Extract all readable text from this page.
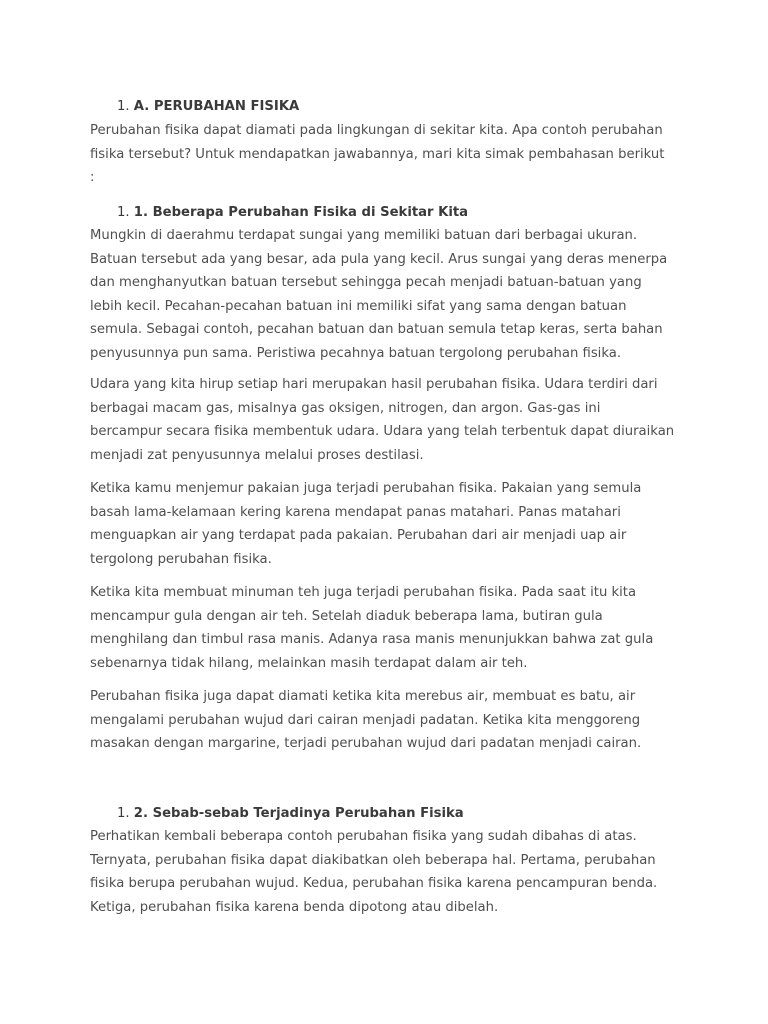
1. A. PERUBAHAN FISIKA
Perubahan fisika dapat diamati pada lingkungan di sekitar kita. Apa contoh perubahan
fisika tersebut? Untuk mendapatkan jawabannya, mari kita simak pembahasan berikut
:
1. 1. Beberapa Perubahan Fisika di Sekitar Kita
Mungkin di daerahmu terdapat sungai yang memiliki batuan dari berbagai ukuran.
Batuan tersebut ada yang besar, ada pula yang kecil. Arus sungai yang deras menerpa
dan menghanyutkan batuan tersebut sehingga pecah menjadi batuan-batuan yang
lebih kecil. Pecahan-pecahan batuan ini memiliki sifat yang sama dengan batuan
semula. Sebagai contoh, pecahan batuan dan batuan semula tetap keras, serta bahan
penyusunnya pun sama. Peristiwa pecahnya batuan tergolong perubahan fisika.
Udara yang kita hirup setiap hari merupakan hasil perubahan fisika. Udara terdiri dari
berbagai macam gas, misalnya gas oksigen, nitrogen, dan argon. Gas-gas ini
bercampur secara fisika membentuk udara. Udara yang telah terbentuk dapat diuraikan
menjadi zat penyusunnya melalui proses destilasi.
Ketika kamu menjemur pakaian juga terjadi perubahan fisika. Pakaian yang semula
basah lama-kelamaan kering karena mendapat panas matahari. Panas matahari
menguapkan air yang terdapat pada pakaian. Perubahan dari air menjadi uap air
tergolong perubahan fisika.
Ketika kita membuat minuman teh juga terjadi perubahan fisika. Pada saat itu kita
mencampur gula dengan air teh. Setelah diaduk beberapa lama, butiran gula
menghilang dan timbul rasa manis. Adanya rasa manis menunjukkan bahwa zat gula
sebenarnya tidak hilang, melainkan masih terdapat dalam air teh.
Perubahan fisika juga dapat diamati ketika kita merebus air, membuat es batu, air
mengalami perubahan wujud dari cairan menjadi padatan. Ketika kita menggoreng
masakan dengan margarine, terjadi perubahan wujud dari padatan menjadi cairan.
1. 2. Sebab-sebab Terjadinya Perubahan Fisika
Perhatikan kembali beberapa contoh perubahan fisika yang sudah dibahas di atas.
Ternyata, perubahan fisika dapat diakibatkan oleh beberapa hal. Pertama, perubahan
fisika berupa perubahan wujud. Kedua, perubahan fisika karena pencampuran benda.
Ketiga, perubahan fisika karena benda dipotong atau dibelah.
